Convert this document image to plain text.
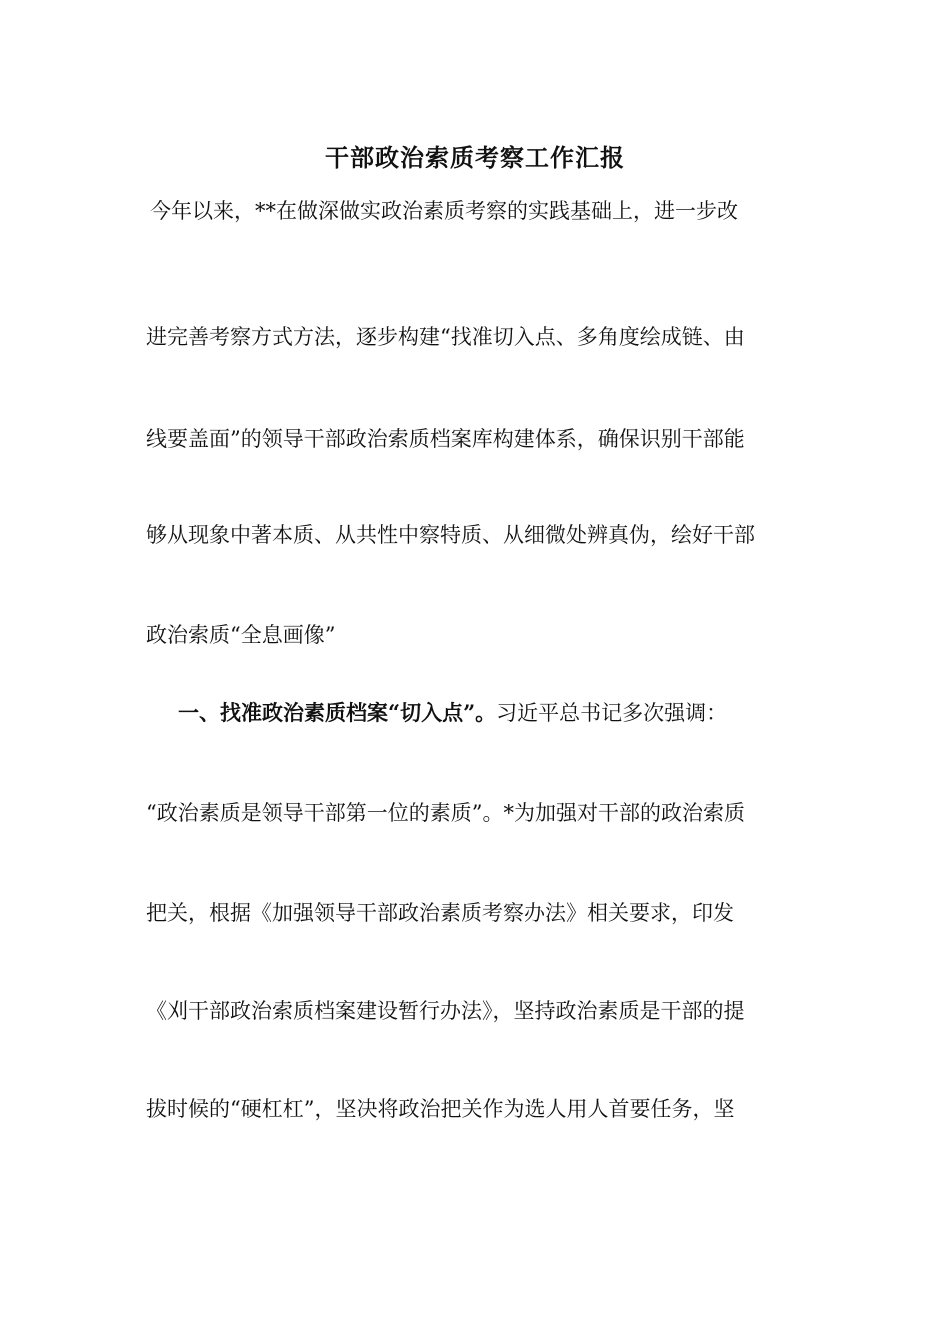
干部政治索质考察工作汇报
今年以来，**在做深做实政治素质考察的实践基础上，进一步改
进完善考察方式方法，逐步构建“找准切入点、多角度绘成链、由
线要盖面”的领导干部政治索质档案库构建体系，确保识别干部能
够从现象中著本质、从共性中察特质、从细微处辨真伪，绘好干部
政治索质“全息画像”
一、找准政治素质档案“切入点”。习近平总书记多次强调：
“政治素质是领导干部第一位的素质”。*为加强对干部的政治索质
把关，根据《加强领导干部政治素质考察办法》相关要求，印发
《刈干部政治索质档案建设暂行办法》，坚持政治素质是干部的提
拔时候的“硬杠杠”，坚决将政治把关作为选人用人首要任务，坚
